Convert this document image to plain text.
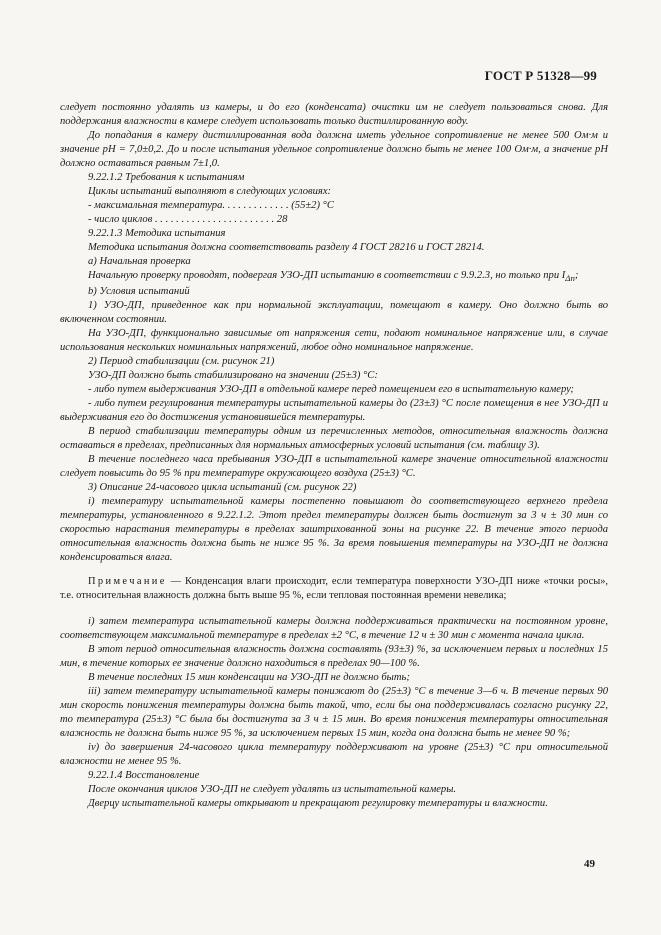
ГОСТ Р 51328—99

следует постоянно удалять из камеры, и до его (конденсата) очистки им не следует пользоваться снова. Для поддержания влажности в камере следует использовать только дистиллированную воду.

До попадания в камеру дистиллированная вода должна иметь удельное сопротивление не менее 500 Ом·м и значение pH = 7,0±0,2. До и после испытания удельное сопротивление должно быть не менее 100 Ом·м, а значение pH должно оставаться равным 7±1,0.

9.22.1.2 Требования к испытаниям

Циклы испытаний выполняют в следующих условиях:

- максимальная температура. . . . . . . . . . . . . (55±2) °С

- число циклов . . . . . . . . . . . . . . . . . . . . . . . 28

9.22.1.3 Методика испытания

Методика испытания должна соответствовать разделу 4 ГОСТ 28216 и ГОСТ 28214.

a) Начальная проверка

Начальную проверку проводят, подвергая УЗО-ДП испытанию в соответствии с 9.9.2.3, но только при $I_{\Delta n}$;

b) Условия испытаний

1) УЗО-ДП, приведенное как при нормальной эксплуатации, помещают в камеру. Оно должно быть во включенном состоянии.

На УЗО-ДП, функционально зависимые от напряжения сети, подают номинальное напряжение или, в случае использования нескольких номинальных напряжений, любое одно номинальное напряжение.

2) Период стабилизации (см. рисунок 21)

УЗО-ДП должно быть стабилизировано на значении (25±3) °С:

- либо путем выдерживания УЗО-ДП в отдельной камере перед помещением его в испытательную камеру;

- либо путем регулирования температуры испытательной камеры до (23±3) °С после помещения в нее УЗО-ДП и выдерживания его до достижения установившейся температуры.

В период стабилизации температуры одним из перечисленных методов, относительная влажность должна оставаться в пределах, предписанных для нормальных атмосферных условий испытания (см. таблицу 3).

В течение последнего часа пребывания УЗО-ДП в испытательной камере значение относительной влажности следует повысить до 95 % при температуре окружающего воздуха (25±3) °С.

3) Описание 24-часового цикла испытаний (см. рисунок 22)

i) температуру испытательной камеры постепенно повышают до соответствующего верхнего предела температуры, установленного в 9.22.1.2. Этот предел температуры должен быть достигнут за 3 ч ± 30 мин со скоростью нарастания температуры в пределах заштрихованной зоны на рисунке 22. В течение этого периода относительная влажность должна быть не ниже 95 %. За время повышения температуры на УЗО-ДП не должна конденсироваться влага.

Примечание — Конденсация влаги происходит, если температура поверхности УЗО-ДП ниже «точки росы», т.е. относительная влажность должна быть выше 95 %, если тепловая постоянная времени невелика;

i) затем температура испытательной камеры должна поддерживаться практически на постоянном уровне, соответствующем максимальной температуре в пределах ±2 °С, в течение 12 ч ± 30 мин с момента начала цикла.

В этот период относительная влажность должна составлять (93±3) %, за исключением первых и последних 15 мин, в течение которых ее значение должно находиться в пределах 90—100 %.

В течение последних 15 мин конденсации на УЗО-ДП не должно быть;

iii) затем температуру испытательной камеры понижают до (25±3) °С в течение 3—6 ч. В течение первых 90 мин скорость понижения температуры должна быть такой, что, если бы она поддерживалась согласно рисунку 22, то температура (25±3) °С была бы достигнута за 3 ч ± 15 мин. Во время понижения температуры относительная влажность не должна быть ниже 95 %, за исключением первых 15 мин, когда она должна быть не менее 90 %;

iv) до завершения 24-часового цикла температуру поддерживают на уровне (25±3) °С при относительной влажности не менее 95 %.

9.22.1.4 Восстановление

После окончания циклов УЗО-ДП не следует удалять из испытательной камеры.

Дверцу испытательной камеры открывают и прекращают регулировку температуры и влажности.

49
